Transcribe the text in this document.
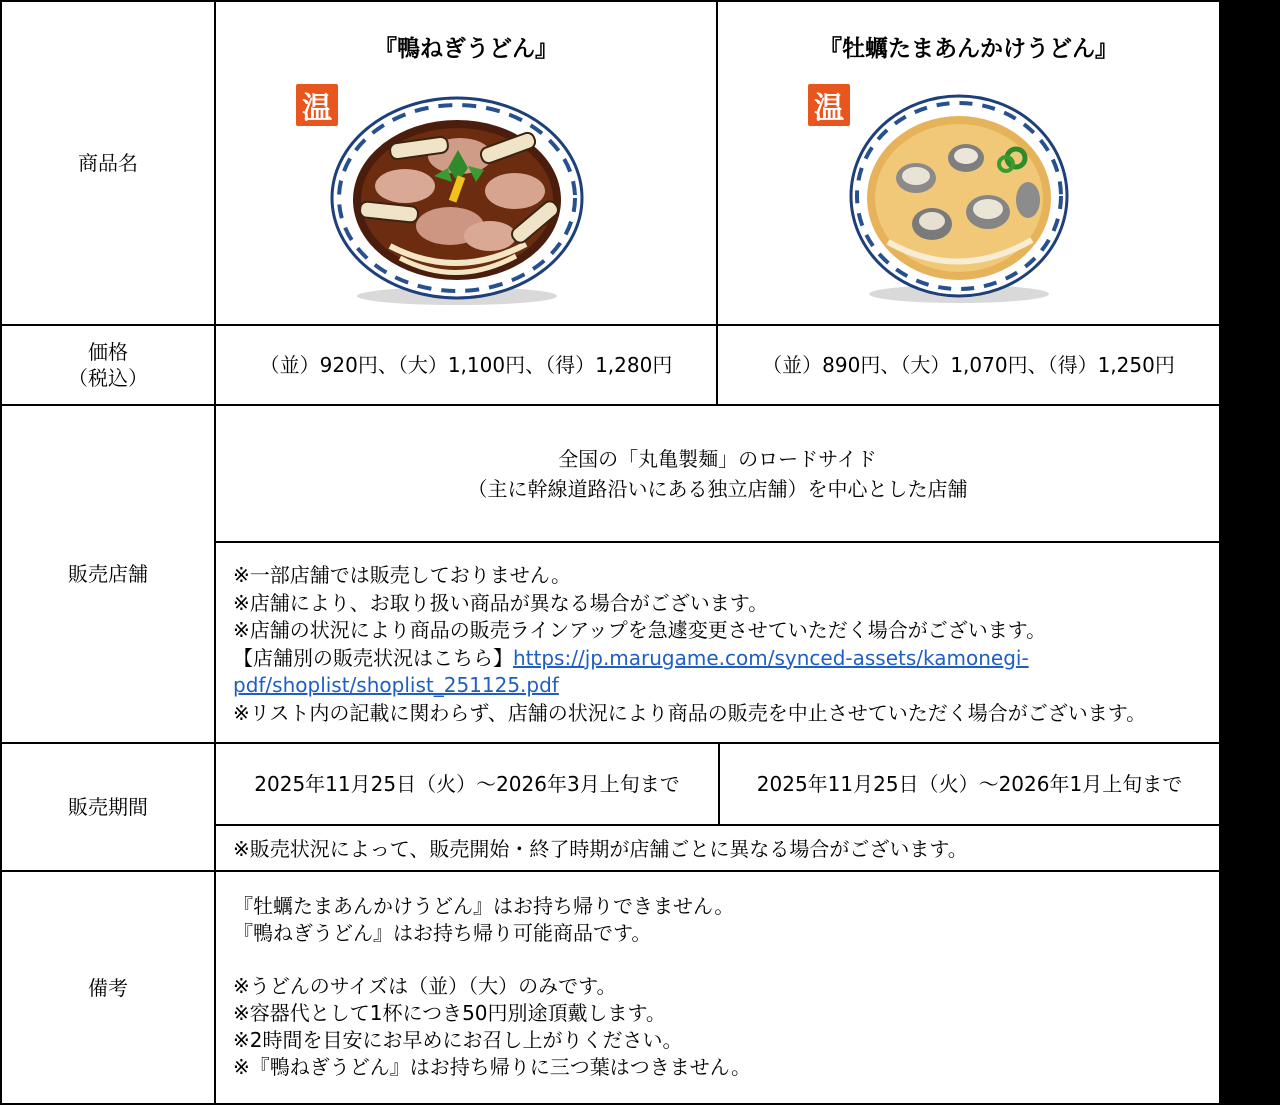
商品名
価格
（税込）
販売店舗
販売期間
備考
『鴨ねぎうどん』
温
（並）920円、（大）1,100円、（得）1,280円
『牡蠣たまあんかけうどん』
温
（並）890円、（大）1,070円、（得）1,250円
全国の「丸亀製麺」のロードサイド
（主に幹線道路沿いにある独立店舗）を中心とした店舗
※一部店舗では販売しておりません。
※店舗により、お取り扱い商品が異なる場合がございます。
※店舗の状況により商品の販売ラインアップを急遽変更させていただく場合がございます。
【店舗別の販売状況はこちら】https://jp.marugame.com/synced-assets/kamonegi-
pdf/shoplist/shoplist_251125.pdf
※リスト内の記載に関わらず、店舗の状況により商品の販売を中止させていただく場合がございます。
2025年11月25日（火）～2026年3月上旬まで	2025年11月25日（火）～2026年1月上旬まで
※販売状況によって、販売開始・終了時期が店舗ごとに異なる場合がございます。
『牡蠣たまあんかけうどん』はお持ち帰りできません。
『鴨ねぎうどん』はお持ち帰り可能商品です。
※うどんのサイズは（並）（大）のみです。
※容器代として1杯につき50円別途頂戴します。
※2時間を目安にお早めにお召し上がりください。
※『鴨ねぎうどん』はお持ち帰りに三つ葉はつきません。
